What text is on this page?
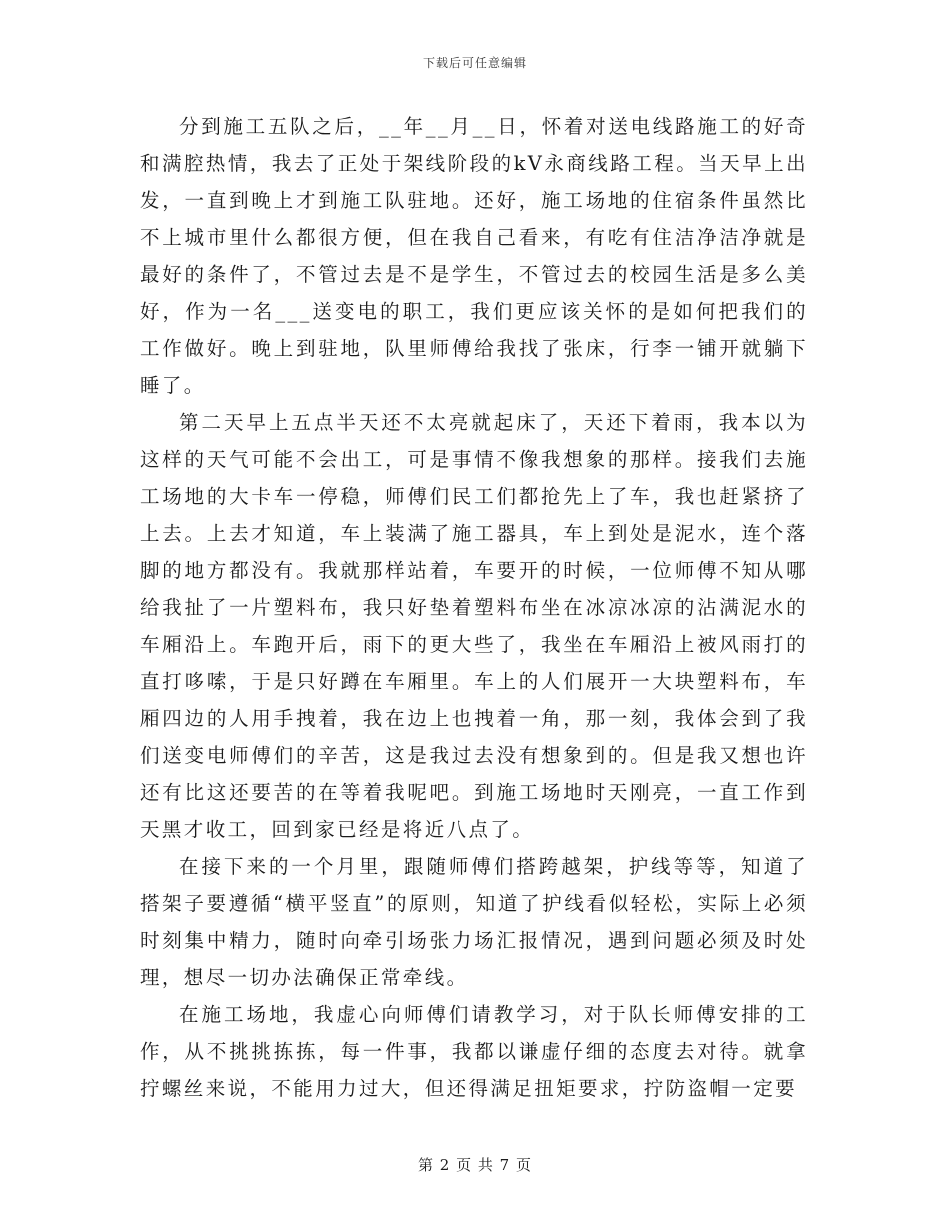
下载后可任意编辑

分到施工五队之后，__年__月__日，怀着对送电线路施工的好奇和满腔热情，我去了正处于架线阶段的kV永商线路工程。当天早上出发，一直到晚上才到施工队驻地。还好，施工场地的住宿条件虽然比不上城市里什么都很方便，但在我自己看来，有吃有住洁净洁净就是最好的条件了，不管过去是不是学生，不管过去的校园生活是多么美好，作为一名___送变电的职工，我们更应该关怀的是如何把我们的工作做好。晚上到驻地，队里师傅给我找了张床，行李一铺开就躺下睡了。

第二天早上五点半天还不太亮就起床了，天还下着雨，我本以为这样的天气可能不会出工，可是事情不像我想象的那样。接我们去施工场地的大卡车一停稳，师傅们民工们都抢先上了车，我也赶紧挤了上去。上去才知道，车上装满了施工器具，车上到处是泥水，连个落脚的地方都没有。我就那样站着，车要开的时候，一位师傅不知从哪给我扯了一片塑料布，我只好垫着塑料布坐在冰凉冰凉的沾满泥水的车厢沿上。车跑开后，雨下的更大些了，我坐在车厢沿上被风雨打的直打哆嗦，于是只好蹲在车厢里。车上的人们展开一大块塑料布，车厢四边的人用手拽着，我在边上也拽着一角，那一刻，我体会到了我们送变电师傅们的辛苦，这是我过去没有想象到的。但是我又想也许还有比这还要苦的在等着我呢吧。到施工场地时天刚亮，一直工作到天黑才收工，回到家已经是将近八点了。

在接下来的一个月里，跟随师傅们搭跨越架，护线等等，知道了搭架子要遵循“横平竖直”的原则，知道了护线看似轻松，实际上必须时刻集中精力，随时向牵引场张力场汇报情况，遇到问题必须及时处理，想尽一切办法确保正常牵线。

在施工场地，我虚心向师傅们请教学习，对于队长师傅安排的工作，从不挑挑拣拣，每一件事，我都以谦虚仔细的态度去对待。就拿拧螺丝来说，不能用力过大，但还得满足扭矩要求，拧防盗帽一定要

第 2 页 共 7 页
